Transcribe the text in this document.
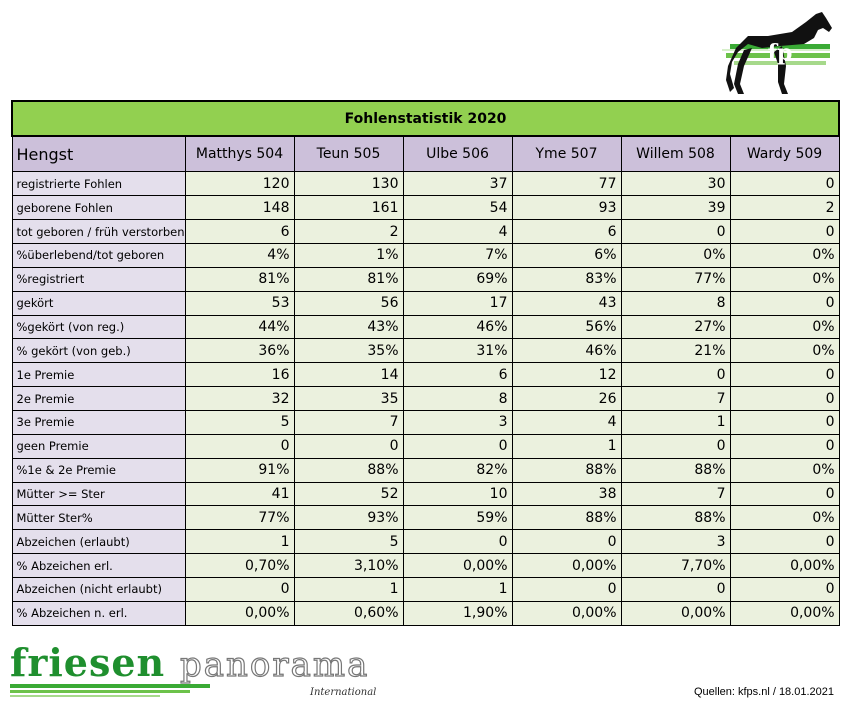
fp
Fohlenstatistik 2020						
Hengst	Matthys 504	Teun 505	Ulbe 506	Yme 507	Willem 508	Wardy 509
registrierte Fohlen	120	130	37	77	30	0
geborene Fohlen	148	161	54	93	39	2
tot geboren / früh verstorben	6	2	4	6	0	0
%überlebend/tot geboren	4%	1%	7%	6%	0%	0%
%registriert	81%	81%	69%	83%	77%	0%
gekört	53	56	17	43	8	0
%gekört (von reg.)	44%	43%	46%	56%	27%	0%
% gekört (von geb.)	36%	35%	31%	46%	21%	0%
1e Premie	16	14	6	12	0	0
2e Premie	32	35	8	26	7	0
3e Premie	5	7	3	4	1	0
geen Premie	0	0	0	1	0	0
%1e & 2e Premie	91%	88%	82%	88%	88%	0%
Mütter >= Ster	41	52	10	38	7	0
Mütter Ster%	77%	93%	59%	88%	88%	0%
Abzeichen (erlaubt)	1	5	0	0	3	0
% Abzeichen erl.	0,70%	3,10%	0,00%	0,00%	7,70%	0,00%
Abzeichen (nicht erlaubt)	0	1	1	0	0	0
% Abzeichen n. erl.	0,00%	0,60%	1,90%	0,00%	0,00%	0,00%
friesen panorama
International	Quellen: kfps.nl / 18.01.2021
